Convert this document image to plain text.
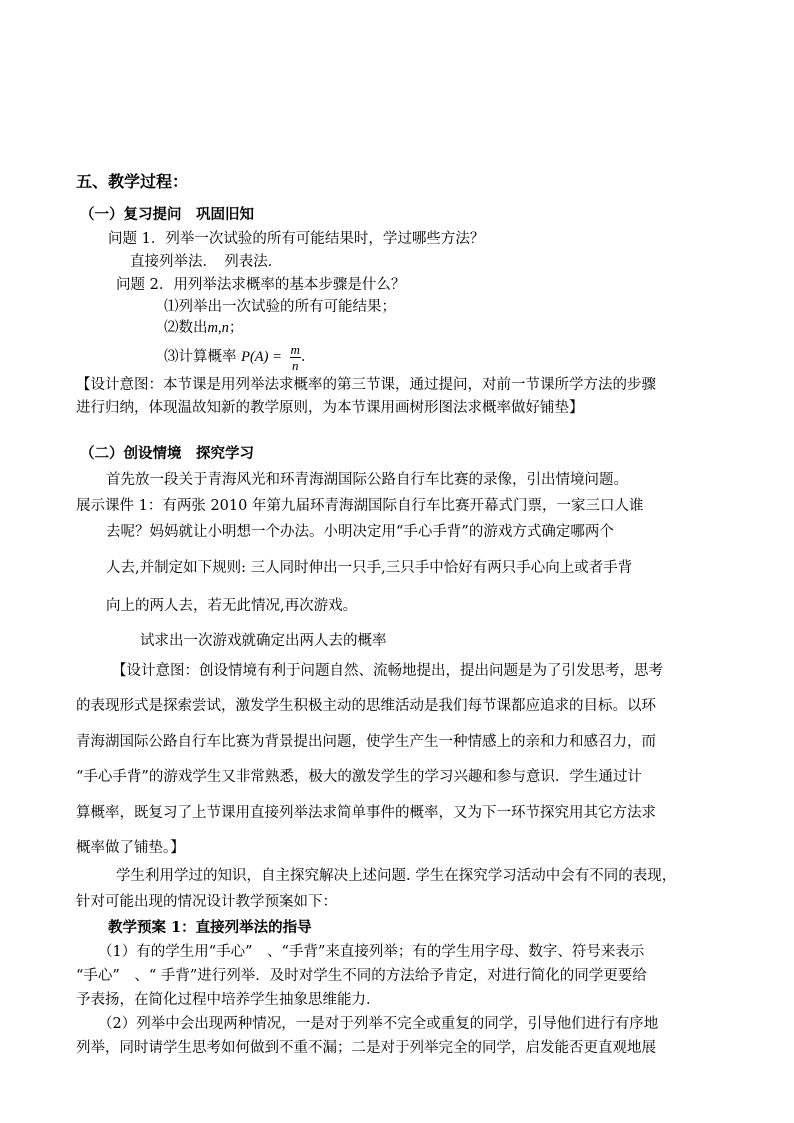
五、教学过程：
（一）复习提问　巩固旧知
问题 1．列举一次试验的所有可能结果时，学过哪些方法？
直接列举法．　列表法．
问题 2．用列举法求概率的基本步骤是什么？
⑴列举出一次试验的所有可能结果；
⑵数出m,n；
⑶计算概率 $P(A) = \frac{m}{n}$ ．
【设计意图：本节课是用列举法求概率的第三节课，通过提问，对前一节课所学方法的步骤
进行归纳，体现温故知新的教学原则，为本节课用画树形图法求概率做好铺垫】
（二）创设情境　探究学习
首先放一段关于青海风光和环青海湖国际公路自行车比赛的录像，引出情境问题。
展示课件 1：有两张 2010 年第九届环青海湖国际自行车比赛开幕式门票，一家三口人谁
去呢？妈妈就让小明想一个办法。小明决定用“手心手背”的游戏方式确定哪两个
人去,并制定如下规则: 三人同时伸出一只手,三只手中恰好有两只手心向上或者手背
向上的两人去，若无此情况,再次游戏。
试求出一次游戏就确定出两人去的概率
【设计意图：创设情境有利于问题自然、流畅地提出，提出问题是为了引发思考，思考
的表现形式是探索尝试，激发学生积极主动的思维活动是我们每节课都应追求的目标。以环
青海湖国际公路自行车比赛为背景提出问题，使学生产生一种情感上的亲和力和感召力，而
“手心手背”的游戏学生又非常熟悉，极大的激发学生的学习兴趣和参与意识．学生通过计
算概率，既复习了上节课用直接列举法求简单事件的概率，又为下一环节探究用其它方法求
概率做了铺垫。】
学生利用学过的知识，自主探究解决上述问题. 学生在探究学习活动中会有不同的表现，
针对可能出现的情况设计教学预案如下：
教学预案 1：直接列举法的指导
（1）有的学生用“手心”　、“手背”来直接列举；有的学生用字母、数字、符号来表示
“手心”　、“ 手背”进行列举．及时对学生不同的方法给予肯定，对进行简化的同学更要给
予表扬，在简化过程中培养学生抽象思维能力．
（2）列举中会出现两种情况，一是对于列举不完全或重复的同学，引导他们进行有序地
列举，同时请学生思考如何做到不重不漏；二是对于列举完全的同学，启发能否更直观地展
